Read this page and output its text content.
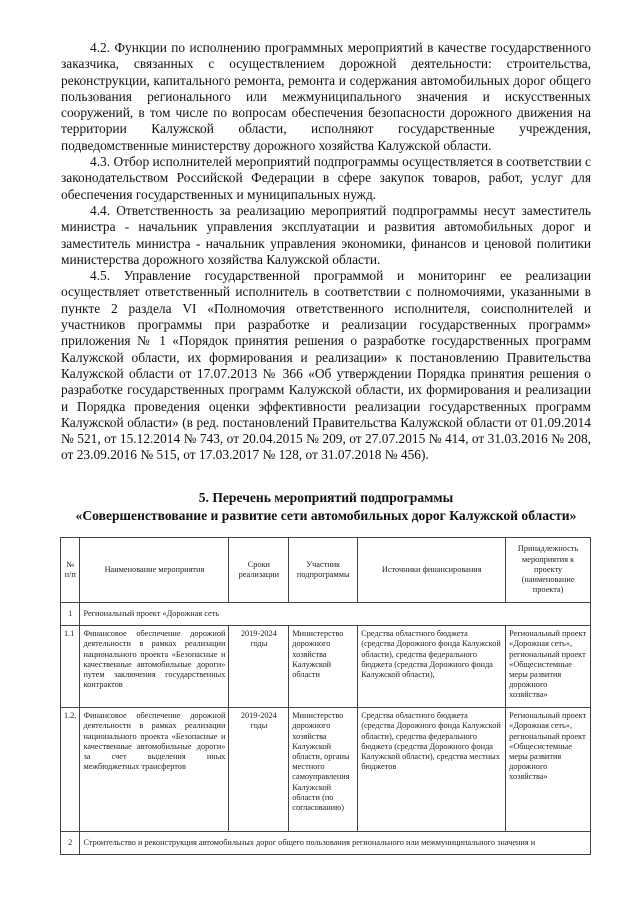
4.2. Функции по исполнению программных мероприятий в качестве государственного заказчика, связанных с осуществлением дорожной деятельности: строительства, реконструкции, капитального ремонта, ремонта и содержания автомобильных дорог общего пользования регионального или межмуниципального значения и искусственных сооружений, в том числе по вопросам обеспечения безопасности дорожного движения на территории Калужской области, исполняют государственные учреждения, подведомственные министерству дорожного хозяйства Калужской области.

4.3. Отбор исполнителей мероприятий подпрограммы осуществляется в соответствии с законодательством Российской Федерации в сфере закупок товаров, работ, услуг для обеспечения государственных и муниципальных нужд.

4.4. Ответственность за реализацию мероприятий подпрограммы несут заместитель министра - начальник управления эксплуатации и развития автомобильных дорог и заместитель министра - начальник управления экономики, финансов и ценовой политики министерства дорожного хозяйства Калужской области.

4.5. Управление государственной программой и мониторинг ее реализации осуществляет ответственный исполнитель в соответствии с полномочиями, указанными в пункте 2 раздела VI «Полномочия ответственного исполнителя, соисполнителей и участников программы при разработке и реализации государственных программ» приложения № 1 «Порядок принятия решения о разработке государственных программ Калужской области, их формирования и реализации» к постановлению Правительства Калужской области от 17.07.2013 № 366 «Об утверждении Порядка принятия решения о разработке государственных программ Калужской области, их формирования и реализации и Порядка проведения оценки эффективности реализации государственных программ Калужской области» (в ред. постановлений Правительства Калужской области от 01.09.2014 № 521, от 15.12.2014 № 743, от 20.04.2015 № 209, от 27.07.2015 № 414, от 31.03.2016 № 208, от 23.09.2016 № 515, от 17.03.2017 № 128, от 31.07.2018 № 456).

5. Перечень мероприятий подпрограммы
«Совершенствование и развитие сети автомобильных дорог Калужской области»
№ п/п	Наименование мероприятия	Сроки реализации	Участник подпрограммы	Источники финансирования	Принадлежность мероприятия к проекту (наименование проекта)
1	Региональный проект «Дорожная сеть				
1.1	Финансовое обеспечение дорожной деятельности в рамках реализации национального проекта «Безопасные и качественные автомобильные дороги» путем заключения государственных контрактов	2019-2024 годы	Министерство дорожного хозяйства Калужской области	Средства областного бюджета (средства Дорожного фонда Калужской области), средства федерального бюджета (средства Дорожного фонда Калужской области),	Региональный проект «Дорожная сеть», региональный проект «Общесистемные меры развития дорожного хозяйства»
1.2.	Финансовое обеспечение дорожной деятельности в рамках реализации национального проекта «Безопасные и качественные автомобильные дороги» за счет выделения иных межбюджетных трансфертов	2019-2024 годы	Министерство дорожного хозяйства Калужской области, органы местного самоуправления Калужской области (по согласованию)	Средства областного бюджета (средства Дорожного фонда Калужской области), средства федерального бюджета (средства Дорожного фонда Калужской области), средства местных бюджетов	Региональный проект «Дорожная сеть», региональный проект «Общесистемные меры развития дорожного хозяйства»
2	Строительство и реконструкция автомобильных дорог общего пользования регионального или межмуниципального значения и				
